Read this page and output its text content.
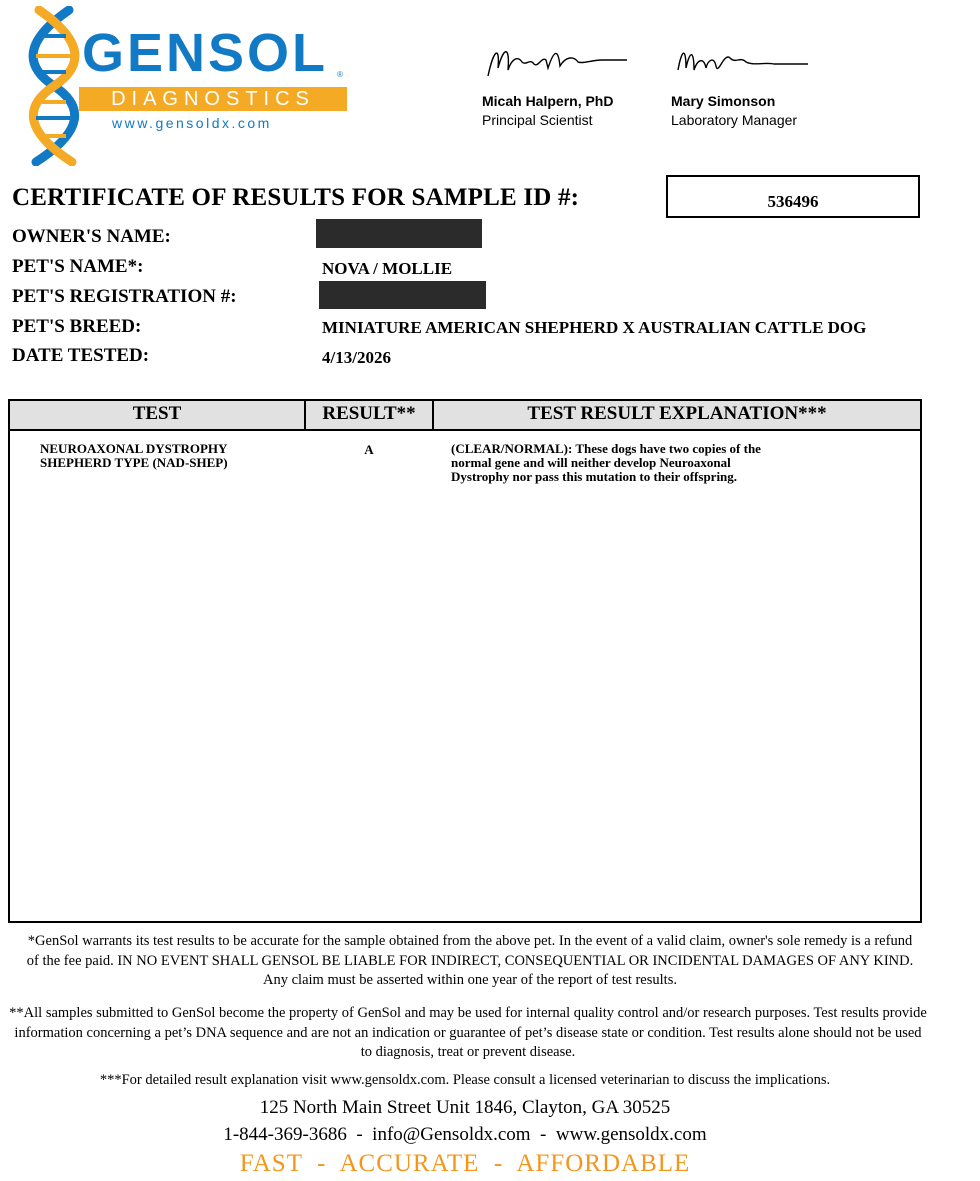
GENSOL ®
DIAGNOSTICS
www.gensoldx.com
Micah Halpern, PhD
Principal Scientist
Mary Simonson
Laboratory Manager
CERTIFICATE OF RESULTS FOR SAMPLE ID #:	536496
OWNER'S NAME:
PET'S NAME*:	NOVA / MOLLIE
PET'S REGISTRATION #:
PET'S BREED:	MINIATURE AMERICAN SHEPHERD X AUSTRALIAN CATTLE DOG
DATE TESTED:	4/13/2026
TEST	RESULT**	TEST RESULT EXPLANATION***
NEUROAXONAL DYSTROPHY
SHEPHERD TYPE (NAD-SHEP)
A	(CLEAR/NORMAL): These dogs have two copies of the
normal gene and will neither develop Neuroaxonal
Dystrophy nor pass this mutation to their offspring.
*GenSol warrants its test results to be accurate for the sample obtained from the above pet. In the event of a valid claim, owner's sole remedy is a refund of the fee paid. IN NO EVENT SHALL GENSOL BE LIABLE FOR INDIRECT, CONSEQUENTIAL OR INCIDENTAL DAMAGES OF ANY KIND. Any claim must be asserted within one year of the report of test results.
**All samples submitted to GenSol become the property of GenSol and may be used for internal quality control and/or research purposes. Test results provide information concerning a pet’s DNA sequence and are not an indication or guarantee of pet’s disease state or condition. Test results alone should not be used to diagnosis, treat or prevent disease.
***For detailed result explanation visit www.gensoldx.com. Please consult a licensed veterinarian to discuss the implications.
125 North Main Street Unit 1846, Clayton, GA 30525
1-844-369-3686  -  info@Gensoldx.com  -  www.gensoldx.com
FAST  -  ACCURATE  -  AFFORDABLE
